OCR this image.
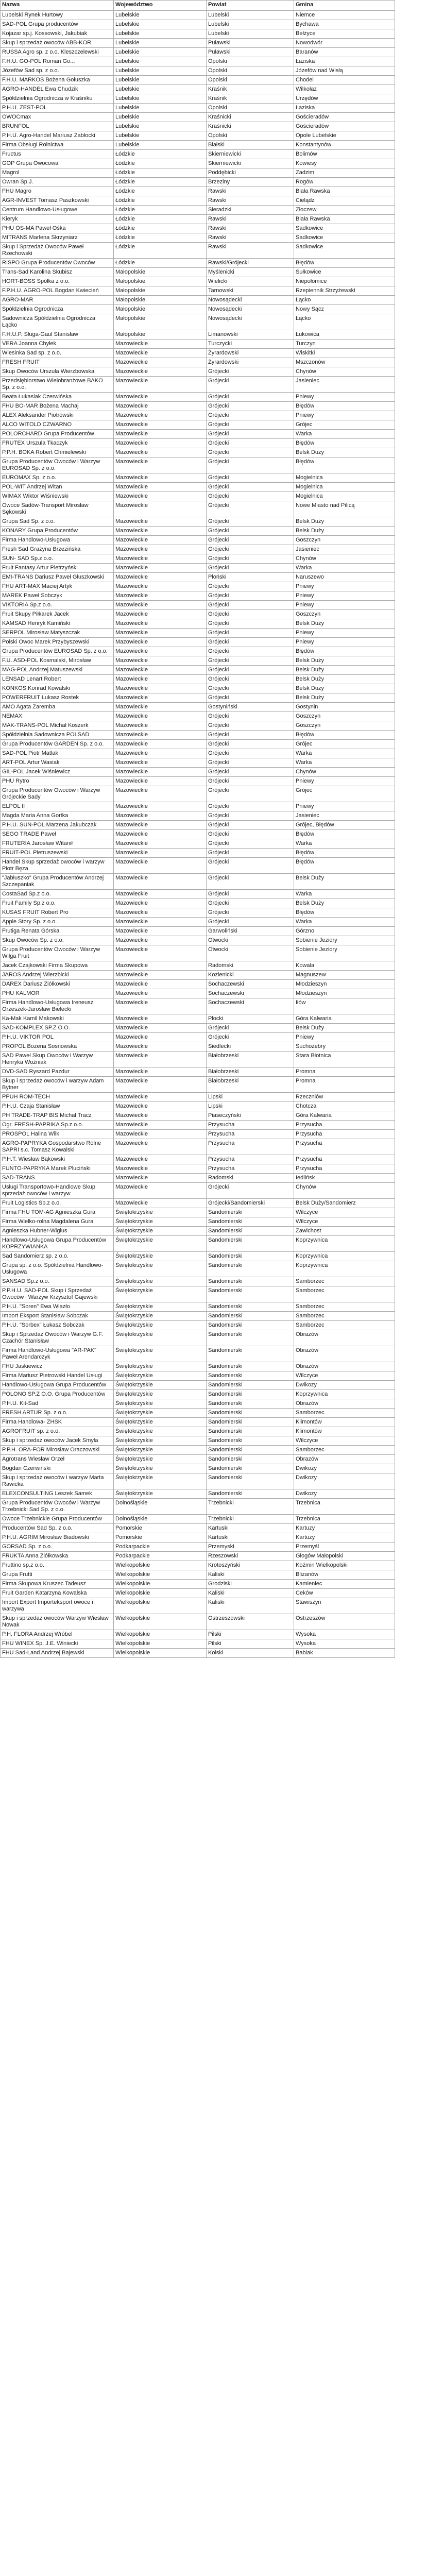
Nazwa	Województwo	Powiat	Gmina
Lubelski Rynek Hurtowy	Lubelskie	Lubelski	Niemce
SAD-POL Grupa producentów	Lubelskie	Lubelski	Bychawa
Kojazar sp.j. Kossowski, Jakubiak	Lubelskie	Lubelski	Bełżyce
Skup i sprzedaż owoców ABB-KOR	Lubelskie	Puławski	Nowodwór
RUSSA Agro sp. z o.o. Kleszczelewski	Lubelskie	Puławski	Baranów
F.H.U. GO-POL Roman Go...	Lubelskie	Opolski	Łaziska
Józefów Sad sp. z o.o.	Lubelskie	Opolski	Józefów nad Wisłą
F.H.U. MARKOS Bożena Gołuszka	Lubelskie	Opolski	Chodel
AGRO-HANDEL Ewa Chudzik	Lubelskie	Kraśnik	Wilkołaz
Spółdzielnia Ogrodnicza w Kraśniku	Lubelskie	Kraśnik	Urzędów
P.H.U. ZEST-POL	Lubelskie	Opolski	Łaziska
OWOCmax	Lubelskie	Kraśnicki	Gościeradów
BRUNFOL	Lubelskie	Kraśnicki	Gościeradów
P.H.U. Agro-Handel Mariusz Zabłocki	Lubelskie	Opolski	Opole Lubelskie
Firma Obsługi Rolnictwa	Lubelskie	Białski	Konstantynów
Fructus	Łódzkie	Skierniewicki	Bolimów
GOP Grupa Owocowa	Łódzkie	Skierniewicki	Kowiesy
Magrol	Łódzkie	Poddębicki	Zadzim
Owran Sp.J.	Łódzkie	Brzeziny	Rogów
FHU Magro	Łódzkie	Rawski	Biała Rawska
AGR-INVEST Tomasz Paszkowski	Łódzkie	Rawski	Cielądz
Centrum Handlowo-Usługowe	Łódzkie	Sieradzki	Złoczew
Kieryk	Łódzkie	Rawski	Biała Rawska
PHU OS-MA Paweł Ośka	Łódzkie	Rawski	Sadkowice
MITRANS Marlena Skrzyniarz	Łódzkie	Rawski	Sadkowice
Skup i Sprzedaż Owoców Paweł Rzechowski	Łódzkie	Rawski	Sadkowice
RISPO Grupa Producentów Owoców	Łódzkie	Rawski/Grójecki	Błędów
Trans-Sad Karolina Skubisz	Małopolskie	Myślenicki	Sułkowice
HORT-BOSS Spółka z o.o.	Małopolskie	Wielicki	Niepołomice
F.P.H.U. AGRO-POL Bogdan Kwiecień	Małopolskie	Tarnowski	Rzepiennik Strzyżewski
AGRO-MAR	Małopolskie	Nowosądecki	Łącko
Spółdzielnia Ogrodnicza	Małopolskie	Nowosądecki	Nowy Sącz
Sadownicza Spółdzielnia Ogrodnicza Łącko	Małopolskie	Nowosądecki	Łącko
F.H.U.P. Sługa-Gaul Stanisław	Małopolskie	Limanowski	Łukowica
VERA Joanna Chyłek	Mazowieckie	Turczycki	Turczyn
Wiesinka Sad sp. z o.o.	Mazowieckie	Żyrardowski	Wiskitki
FRESH FRUIT	Mazowieckie	Żyrardowski	Mszczonów
Skup Owoców Urszula Wierzbowska	Mazowieckie	Grójecki	Chynów
Przedsiębiorstwo Wielobranżowe BAKO Sp. z o.o.	Mazowieckie	Grójecki	Jasieniec
Beata Łukasiak Czerwińska	Mazowieckie	Grójecki	Pniewy
FHU BO-MAR Bożena Machaj	Mazowieckie	Grójecki	Błędów
ALEX Aleksander Piotrowski	Mazowieckie	Grójecki	Pniewy
ALCO WITOLD CZWARNO	Mazowieckie	Grójecki	Grójec
POLORCHARD Grupa Producentów	Mazowieckie	Grójecki	Warka
FRUTEX Urszula Tkaczyk	Mazowieckie	Grójecki	Błędów
P.P.H. BOKA Robert Chmielewski	Mazowieckie	Grójecki	Belsk Duży
Grupa Producentów Owoców i Warzyw EUROSAD Sp. z o.o.	Mazowieckie	Grójecki	Błędów
EUROMAX Sp. z o.o.	Mazowieckie	Grójecki	Mogielnica
POL-WIT Andrzej Witan	Mazowieckie	Grójecki	Mogielnica
WIMAX Wiktor Wiśniewski	Mazowieckie	Grójecki	Mogielnica
Owoce Sadów-Transport Mirosław Sękowski	Mazowieckie	Grójecki	Nowe Miasto nad Pilicą
Grupa Sad Sp. z o.o.	Mazowieckie	Grójecki	Belsk Duży
KONARY Grupa Producentów	Mazowieckie	Grójecki	Belsk Duży
Firma Handlowo-Usługowa	Mazowieckie	Grójecki	Goszczyn
Fresh Sad Grażyna Brzezińska	Mazowieckie	Grójecki	Jasieniec
SUN- SAD Sp.z o.o.	Mazowieckie	Grójecki	Chynów
Fruit Fantasy Artur Pietrzyński	Mazowieckie	Grójecki	Warka
EMI-TRANS Dariusz Paweł Głuszkowski	Mazowieckie	Płoński	Naruszewo
FHU ART-MAX Maciej Artyk	Mazowieckie	Grójecki	Pniewy
MAREK Paweł Sobczyk	Mazowieckie	Grójecki	Pniewy
VIKTORIA Sp.z o.o.	Mazowieckie	Grójecki	Pniewy
Fruit Skupy Piłkarek Jacek	Mazowieckie	Grójecki	Goszczyn
KAMSAD Henryk Kamiński	Mazowieckie	Grójecki	Belsk Duży
SERPOL Mirosław Matyszczak	Mazowieckie	Grójecki	Pniewy
Polski Owoc Marek Przybyszewski	Mazowieckie	Grójecki	Pniewy
Grupa Producentów EUROSAD Sp. z o.o.	Mazowieckie	Grójecki	Błędów
F.U. ASD-POL Kosmalski, Mirosław	Mazowieckie	Grójecki	Belsk Duży
MAG-POL Andrzej Matuszewski	Mazowieckie	Grójecki	Belsk Duży
LENSAD Lenart Robert	Mazowieckie	Grójecki	Belsk Duży
KONKOS Konrad Kowalski	Mazowieckie	Grójecki	Belsk Duży
POWERFRUIT Łukasz Rostek	Mazowieckie	Grójecki	Belsk Duży
AMO Agata Zaremba	Mazowieckie	Gostyniński	Gostynin
NEMAX	Mazowieckie	Grójecki	Goszczyn
MAK-TRANS-POL Michał Koszerk	Mazowieckie	Grójecki	Goszczyn
Spółdzielnia Sadownicza POLSAD	Mazowieckie	Grójecki	Błędów
Grupa Producentów GARDEN Sp. z o.o.	Mazowieckie	Grójecki	Grójec
SAD-POL Piotr Matlak	Mazowieckie	Grójecki	Warka
ART-POL Artur Wasiak	Mazowieckie	Grójecki	Warka
GIL-POL Jacek Wiśniewicz	Mazowieckie	Grójecki	Chynów
PHU Rytro	Mazowieckie	Grójecki	Pniewy
Grupa Producentów Owoców i Warzyw Grójeckie Sady	Mazowieckie	Grójecki	Grójec
ELPOL II	Mazowieckie	Grójecki	Pniewy
Magda Maria Anna Gortka	Mazowieckie	Grójecki	Jasieniec
P.H.U. SUN-POL Marzena Jakubczak	Mazowieckie	Grójecki	Grójec, Błędów
SEGO TRADE Paweł	Mazowieckie	Grójecki	Błędów
FRUTERIA Jarosław Witanił	Mazowieckie	Grójecki	Warka
FRUIT-POL Pietruszewski	Mazowieckie	Grójecki	Błędów
Handel Skup sprzedaż owoców i warzyw Piotr Bęza	Mazowieckie	Grójecki	Błędów
"Jabłuszko" Grupa Producentów Andrzej Szczepaniak	Mazowieckie	Grójecki	Belsk Duży
CostaSad Sp.z o.o.	Mazowieckie	Grójecki	Warka
Fruit Family Sp.z o.o.	Mazowieckie	Grójecki	Belsk Duży
KUSAS FRUIT Robert Pro	Mazowieckie	Grójecki	Błędów
Apple Story Sp. z o.o.	Mazowieckie	Grójecki	Warka
Frutiga Renata Górska	Mazowieckie	Garwoliński	Górzno
Skup Owoców Sp. z o.o.	Mazowieckie	Otwocki	Sobienie Jeziory
Grupa Producentów Owoców i Warzyw Wilga Fruit	Mazowieckie	Otwocki	Sobienie Jeziory
Jacek Czajkowski Firma Skupowa	Mazowieckie	Radomski	Kowala
JAROS Andrzej Wierzbicki	Mazowieckie	Kozienicki	Magnuszew
DAREX Dariusz Ziółkowski	Mazowieckie	Sochaczewski	Młodzieszyn
PHU KALMOR	Mazowieckie	Sochaczewski	Młodzieszyn
Firma Handlowo-Usługowa Ireneusz Orzeszek-Jarosław Bielecki	Mazowieckie	Sochaczewski	Iłów
Ka-Mak Kamil Makowski	Mazowieckie	Płocki	Góra Kalwaria
SAD-KOMPLEX SP.Z O.O.	Mazowieckie	Grójecki	Belsk Duży
P.H.U. VIKTOR POL	Mazowieckie	Grójecki	Pniewy
PROPOL Bożena Sosnowska	Mazowieckie	Siedlecki	Suchożebry
SAD Paweł Skup Owoców i Warzyw Henryka Woźniak	Mazowieckie	Białobrzeski	Stara Błotnica
DVD-SAD Ryszard Pazdur	Mazowieckie	Białobrzeski	Promna
Skup i sprzedaż owoców i warzyw Adam Bytner	Mazowieckie	Białobrzeski	Promna
PPUH ROM-TECH	Mazowieckie	Lipski	Rzeczniów
P.H.U. Czaja Stanisław	Mazowieckie	Lipski	Chotcza
PH TRADE-TRAP BIS Michał Tracz	Mazowieckie	Piaseczyński	Góra Kalwaria
Ogr. FRESH-PAPRIKA Sp.z o.o.	Mazowieckie	Przysucha	Przysucha
PROSPOL Halina Wilk	Mazowieckie	Przysucha	Przysucha
AGRO-PAPRYKA Gospodarstwo Rolne SAPRI s.c. Tomasz Kowalski	Mazowieckie	Przysucha	Przysucha
P.H.T. Wiesław Bąkowski	Mazowieckie	Przysucha	Przysucha
FUNTO-PAPRYKA Marek Pluciński	Mazowieckie	Przysucha	Przysucha
SAD-TRANS	Mazowieckie	Radomski	Iedlińsk
Usługi Transportowo-Handlowe Skup sprzedaż owoców i warzyw	Mazowieckie	Grójecki	Chynów
Fruit Logistics Sp.z o.o.	Mazowieckie	Grójecki/Sandomierski	Belsk Duży/Sandomierz
Firma FHU TOM-AG Agnieszka Gura	Świętokrzyskie	Sandomierski	Wilczyce
Firma Wielko-rolna Magdalena Gura	Świętokrzyskie	Sandomierski	Wilczyce
Agnieszka Hubner-Wiglus	Świętokrzyskie	Sandomierski	Zawichost
Handlowo-Usługowa Grupa Producentów KOPRZYWIANKA	Świętokrzyskie	Sandomierski	Koprzywnica
Sad Sandomierz sp. z o.o.	Świętokrzyskie	Sandomierski	Koprzywnica
Grupa sp. z o.o. Spółdzielnia Handlowo-Usługowa	Świętokrzyskie	Sandomierski	Koprzywnica
SANSAD Sp.z o.o.	Świętokrzyskie	Sandomierski	Samborzec
P.P.H.U. SAD-POL Skup i Sprzedaż Owoców i Warzyw Krzysztof Gajewski	Świętokrzyskie	Sandomierski	Samborzec
P.H.U. "Soren" Ewa Wlazło	Świętokrzyskie	Sandomierski	Samborzec
Import Eksport Stanisław Sobczak	Świętokrzyskie	Sandomierski	Samborzec
P.H.U. "Sorbex" Łukasz Sobczak	Świętokrzyskie	Sandomierski	Samborzec
Skup i Sprzedaż Owoców i Warzyw G.F. Czachór Stanisław	Świętokrzyskie	Sandomierski	Obrazów
Firma Handlowo-Usługowa "AR-PAK" Paweł Arendarczyk	Świętokrzyskie	Sandomierski	Obrazów
FHU Jaskiewicz	Świętokrzyskie	Sandomierski	Obrazów
Firma Mariusz Pietrowski Handel Usługi	Świętokrzyskie	Sandomierski	Wilczyce
Handlowo-Usługowa Grupa Producentów	Świętokrzyskie	Sandomierski	Dwikozy
POLONO SP.Z O.O. Grupa Producentów	Świętokrzyskie	Sandomierski	Koprzywnica
P.H.U. Kit-Sad	Świętokrzyskie	Sandomierski	Obrazów
FRESH ARTUR Sp. z o.o.	Świętokrzyskie	Sandomierski	Samborzec
Firma Handlowa- ZHSK	Świętokrzyskie	Sandomierski	Klimontów
AGROFRUIT sp. z o.o.	Świętokrzyskie	Sandomierski	Klimontów
Skup i sprzedaż owoców Jacek Smyła	Świętokrzyskie	Sandomierski	Wilczyce
P.P.H. ORA-FOR Mirosław Oraczowski	Świętokrzyskie	Sandomierski	Samborzec
Agrotrans Wiesław Orzeł	Świętokrzyskie	Sandomierski	Obrazów
Bogdan Czerwiński	Świętokrzyskie	Sandomierski	Dwikozy
Skup i sprzedaż owoców i warzyw Marta Rawicka	Świętokrzyskie	Sandomierski	Dwikozy
ELEXCONSULTING Leszek Samek	Świętokrzyskie	Sandomierski	Dwikozy
Grupa Producentów Owoców i Warzyw Trzebnicki Sad Sp. z o.o.	Dolnośląskie	Trzebnicki	Trzebnica
Owoce Trzebnickie Grupa Producentów	Dolnośląskie	Trzebnicki	Trzebnica
Producentów Sad Sp. z o.o.	Pomorskie	Kartuski	Kartuzy
P.H.U. AGRIM Mirosław Biadowski	Pomorskie	Kartuski	Kartuzy
GORSAD Sp. z o.o.	Podkarpackie	Przemyski	Przemyśl
FRUKTA Anna Ziółkowska	Podkarpackie	Rzeszowski	Głogów Małopolski
Fruttino sp.z o.o.	Wielkopolskie	Krotoszyński	Koźmin Wielkopolski
Grupa Frutti	Wielkopolskie	Kaliski	Blizanów
Firma Skupowa Kruszec Tadeusz	Wielkopolskie	Grodziski	Kamieniec
Fruit Garden Katarzyna Kowalska	Wielkopolskie	Kaliski	Ceków
Import Export Importeksport owoce i warzywa	Wielkopolskie	Kaliski	Stawiszyn
Skup i sprzedaż owoców Warzyw Wiesław Nowak	Wielkopolskie	Ostrzeszowski	Ostrzeszów
P.H. FLORA Andrzej Wróbel	Wielkopolskie	Pilski	Wysoka
FHU WINEX Sp. J.E. Winiecki	Wielkopolskie	Pilski	Wysoka
FHU Sad-Land Andrzej Bajewski	Wielkopolskie	Kolski	Babiak
